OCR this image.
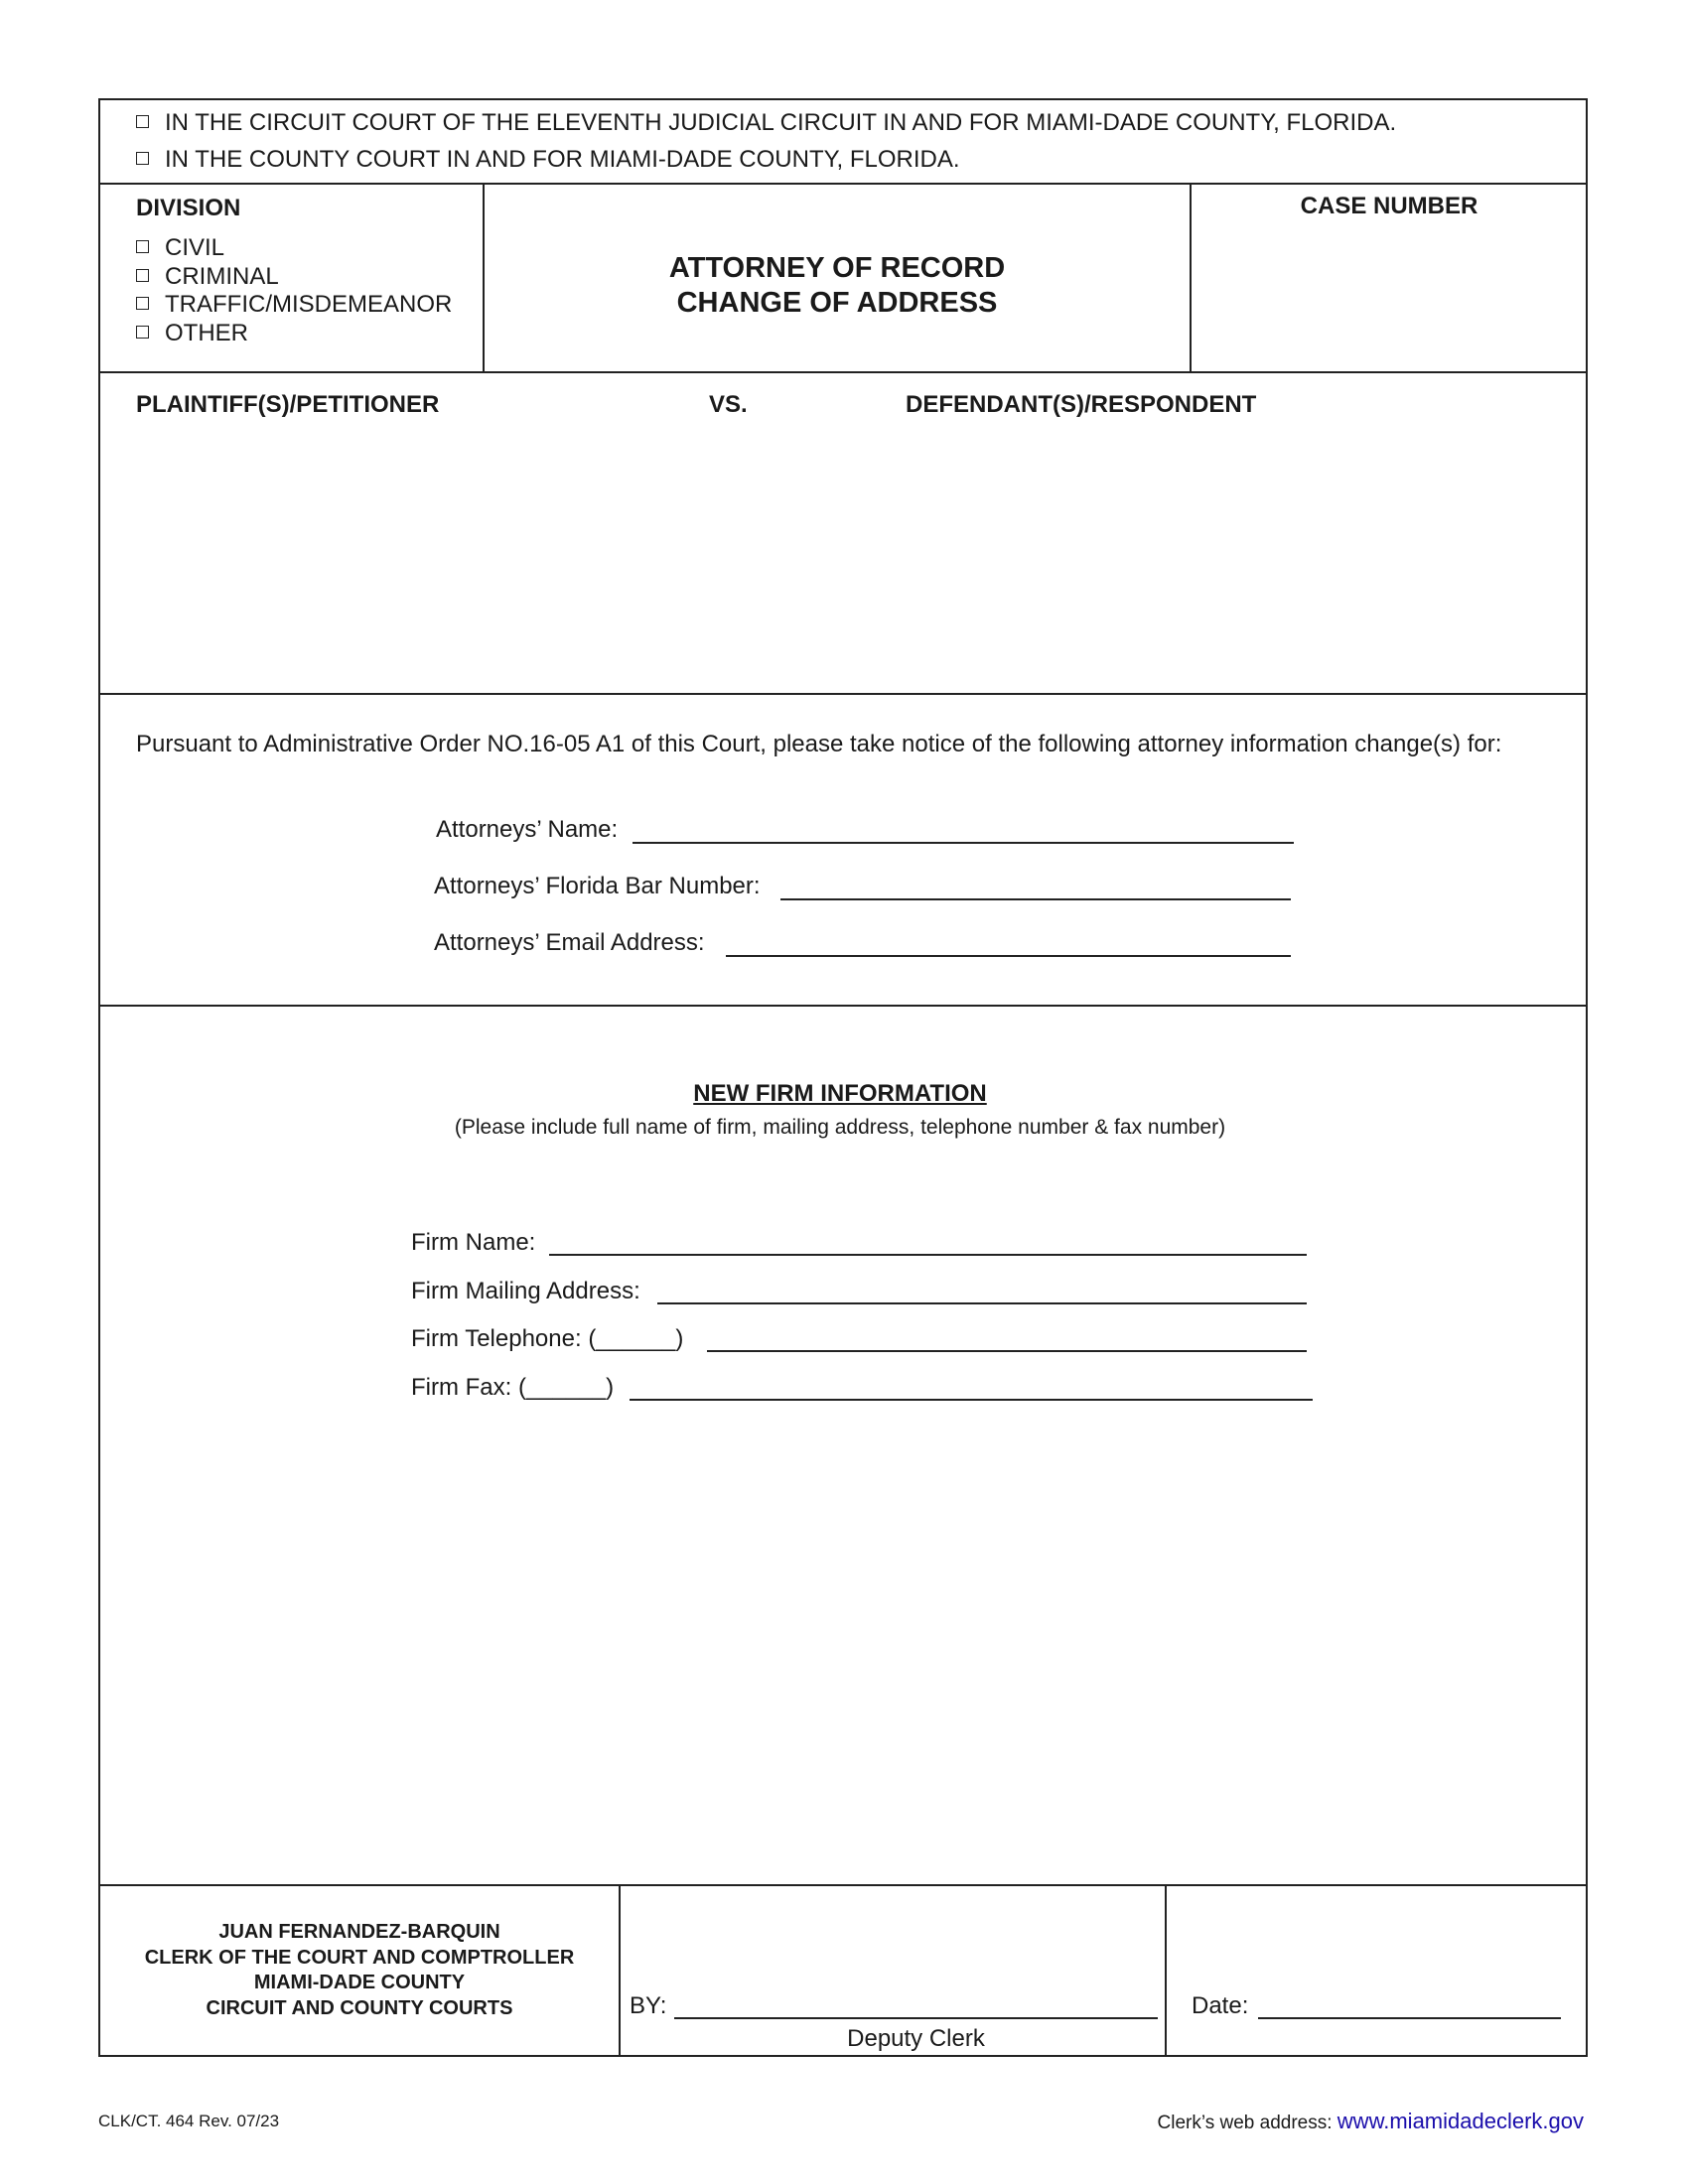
IN THE CIRCUIT COURT OF THE ELEVENTH JUDICIAL CIRCUIT IN AND FOR MIAMI-DADE COUNTY, FLORIDA.
IN THE COUNTY COURT IN AND FOR MIAMI-DADE COUNTY, FLORIDA.
DIVISION
CIVIL
CRIMINAL
TRAFFIC/MISDEMEANOR
OTHER
ATTORNEY OF RECORD
CHANGE OF ADDRESS
CASE NUMBER
PLAINTIFF(S)/PETITIONER	VS.	DEFENDANT(S)/RESPONDENT
Pursuant to Administrative Order NO.16-05 A1 of this Court, please take notice of the following attorney information change(s) for:
Attorneys’ Name:
Attorneys’ Florida Bar Number:
Attorneys’ Email Address:
NEW FIRM INFORMATION
(Please include full name of firm, mailing address, telephone number & fax number)
Firm Name:
Firm Mailing Address:
Firm Telephone: (______)
Firm Fax: (______)
JUAN FERNANDEZ-BARQUIN
CLERK OF THE COURT AND COMPTROLLER
MIAMI-DADE COUNTY
CIRCUIT AND COUNTY COURTS	BY:
Deputy Clerk
Date:
CLK/CT. 464 Rev. 07/23	Clerk’s web address: www.miamidadeclerk.gov
